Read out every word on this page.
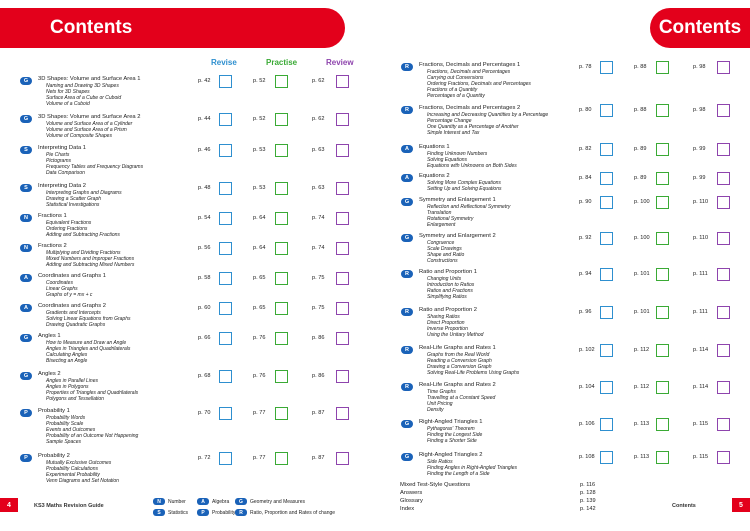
Contents
Revise	Practise	Review
G	3D Shapes: Volume and Surface Area 1
Naming and Drawing 3D Shapes
Nets for 3D Shapes
Surface Area of a Cube or Cuboid
Volume of a Cuboid
p. 42	p. 52	p. 62
G	3D Shapes: Volume and Surface Area 2
Volume and Surface Area of a Cylinder
Volume and Surface Area of a Prism
Volume of Composite Shapes
p. 44	p. 52	p. 62
S	Interpreting Data 1
Pie Charts
Pictograms
Frequency Tables and Frequency Diagrams
Data Comparison
p. 46	p. 53	p. 63
S	Interpreting Data 2
Interpreting Graphs and Diagrams
Drawing a Scatter Graph
Statistical Investigations
p. 48	p. 53	p. 63
N	Fractions 1
Equivalent Fractions
Ordering Fractions
Adding and Subtracting Fractions
p. 54	p. 64	p. 74
N	Fractions 2
Multiplying and Dividing Fractions
Mixed Numbers and Improper Fractions
Adding and Subtracting Mixed Numbers
p. 56	p. 64	p. 74
A	Coordinates and Graphs 1
Coordinates
Linear Graphs
Graphs of y = mx + c
p. 58	p. 65	p. 75
A	Coordinates and Graphs 2
Gradients and Intercepts
Solving Linear Equations from Graphs
Drawing Quadratic Graphs
p. 60	p. 65	p. 75
G	Angles 1
How to Measure and Draw an Angle
Angles in Triangles and Quadrilaterals
Calculating Angles
Bisecting an Angle
p. 66	p. 76	p. 86
G	Angles 2
Angles in Parallel Lines
Angles in Polygons
Properties of Triangles and Quadrilaterals
Polygons and Tessellation
p. 68	p. 76	p. 86
P	Probability 1
Probability Words
Probability Scale
Events and Outcomes
Probability of an Outcome Not Happening
Sample Spaces
p. 70	p. 77	p. 87
P	Probability 2
Mutually Exclusive Outcomes
Probability Calculations
Experimental Probability
Venn Diagrams and Set Notation
p. 72	p. 77	p. 87
4	KS3 Maths Revision Guide
N	Number	A	Algebra	G	Geometry and Measures
S	Statistics	P	Probability R	Ratio, Proportion and Rates of change
Contents
R	Fractions, Decimals and Percentages 1
Fractions, Decimals and Percentages
Carrying out Conversions
Ordering Fractions, Decimals and Percentages
Fractions of a Quantity
Percentages of a Quantity
p. 78	p. 88	p. 98
R	Fractions, Decimals and Percentages 2
Increasing and Decreasing Quantities by a Percentage
Percentage Change
One Quantity as a Percentage of Another
Simple Interest and Tax
p. 80	p. 88	p. 98
A	Equations 1
Finding Unknown Numbers
Solving Equations
Equations with Unknowns on Both Sides
p. 82	p. 89	p. 99
A	Equations 2
Solving More Complex Equations
Setting Up and Solving Equations
p. 84	p. 89	p. 99
G	Symmetry and Enlargement 1
Reflection and Reflectional Symmetry
Translation
Rotational Symmetry
Enlargement
p. 90	p. 100	p. 110
G	Symmetry and Enlargement 2
Congruence
Scale Drawings
Shape and Ratio
Constructions
p. 92	p. 100	p. 110
R	Ratio and Proportion 1
Changing Units
Introduction to Ratios
Ratios and Fractions
Simplifying Ratios
p. 94	p. 101	p. 111
R	Ratio and Proportion 2
Sharing Ratios
Direct Proportion
Inverse Proportion
Using the Unitary Method
p. 96	p. 101	p. 111
R	Real-Life Graphs and Rates 1
Graphs from the Real World
Reading a Conversion Graph
Drawing a Conversion Graph
Solving Real-Life Problems Using Graphs
p. 102	p. 112	p. 114
R	Real-Life Graphs and Rates 2
Time Graphs
Travelling at a Constant Speed
Unit Pricing
Density
p. 104	p. 112	p. 114
G	Right-Angled Triangles 1
Pythagoras' Theorem
Finding the Longest Side
Finding a Shorter Side
p. 106	p. 113	p. 115
G	Right-Angled Triangles 2
Side Ratios
Finding Angles in Right-Angled Triangles
Finding the Length of a Side
p. 108	p. 113	p. 115
Contents	5
Mixed Test-Style Questions	p. 116
Answers	p. 128
Glossary	p. 139
Index	p. 142
